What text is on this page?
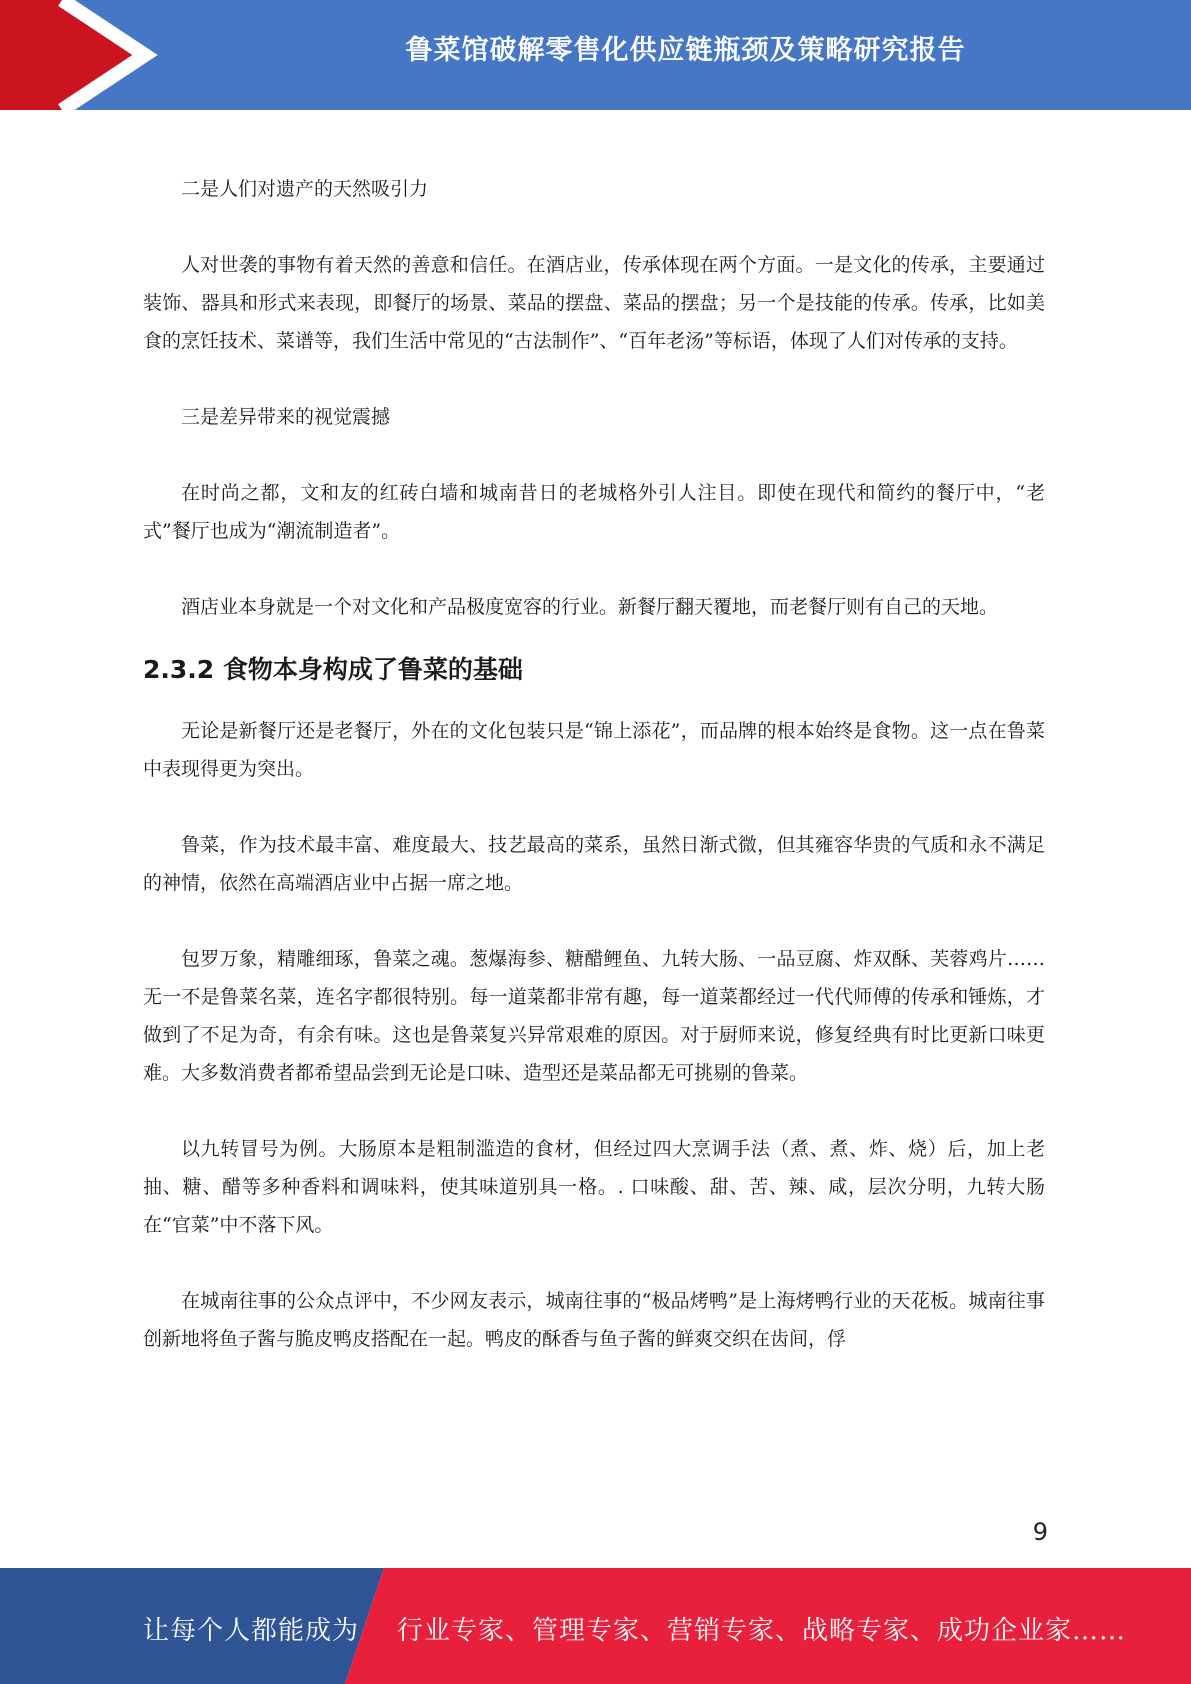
鲁菜馆破解零售化供应链瓶颈及策略研究报告

二是人们对遗产的天然吸引力

人对世袭的事物有着天然的善意和信任。在酒店业，传承体现在两个方面。一是文化的传承，主要通过装饰、器具和形式来表现，即餐厅的场景、菜品的摆盘、菜品的摆盘；另一个是技能的传承。传承，比如美食的烹饪技术、菜谱等，我们生活中常见的“古法制作”、“百年老汤”等标语，体现了人们对传承的支持。

三是差异带来的视觉震撼

在时尚之都，文和友的红砖白墙和城南昔日的老城格外引人注目。即使在现代和简约的餐厅中，“老式”餐厅也成为“潮流制造者”。

酒店业本身就是一个对文化和产品极度宽容的行业。新餐厅翻天覆地，而老餐厅则有自己的天地。

2.3.2 食物本身构成了鲁菜的基础

无论是新餐厅还是老餐厅，外在的文化包装只是“锦上添花”，而品牌的根本始终是食物。这一点在鲁菜中表现得更为突出。

鲁菜，作为技术最丰富、难度最大、技艺最高的菜系，虽然日渐式微，但其雍容华贵的气质和永不满足的神情，依然在高端酒店业中占据一席之地。

包罗万象，精雕细琢，鲁菜之魂。葱爆海参、糖醋鲤鱼、九转大肠、一品豆腐、炸双酥、芙蓉鸡片……无一不是鲁菜名菜，连名字都很特别。每一道菜都非常有趣，每一道菜都经过一代代师傅的传承和锤炼，才做到了不足为奇，有余有味。这也是鲁菜复兴异常艰难的原因。对于厨师来说，修复经典有时比更新口味更难。大多数消费者都希望品尝到无论是口味、造型还是菜品都无可挑剔的鲁菜。

以九转冒号为例。大肠原本是粗制滥造的食材，但经过四大烹调手法（煮、煮、炸、烧）后，加上老抽、糖、醋等多种香料和调味料，使其味道别具一格。. 口味酸、甜、苦、辣、咸，层次分明，九转大肠在“官菜”中不落下风。

在城南往事的公众点评中，不少网友表示，城南往事的“极品烤鸭”是上海烤鸭行业的天花板。城南往事创新地将鱼子酱与脆皮鸭皮搭配在一起。鸭皮的酥香与鱼子酱的鲜爽交织在齿间，俘

9
让每个人都能成为 行业专家、管理专家、营销专家、战略专家、成功企业家……
